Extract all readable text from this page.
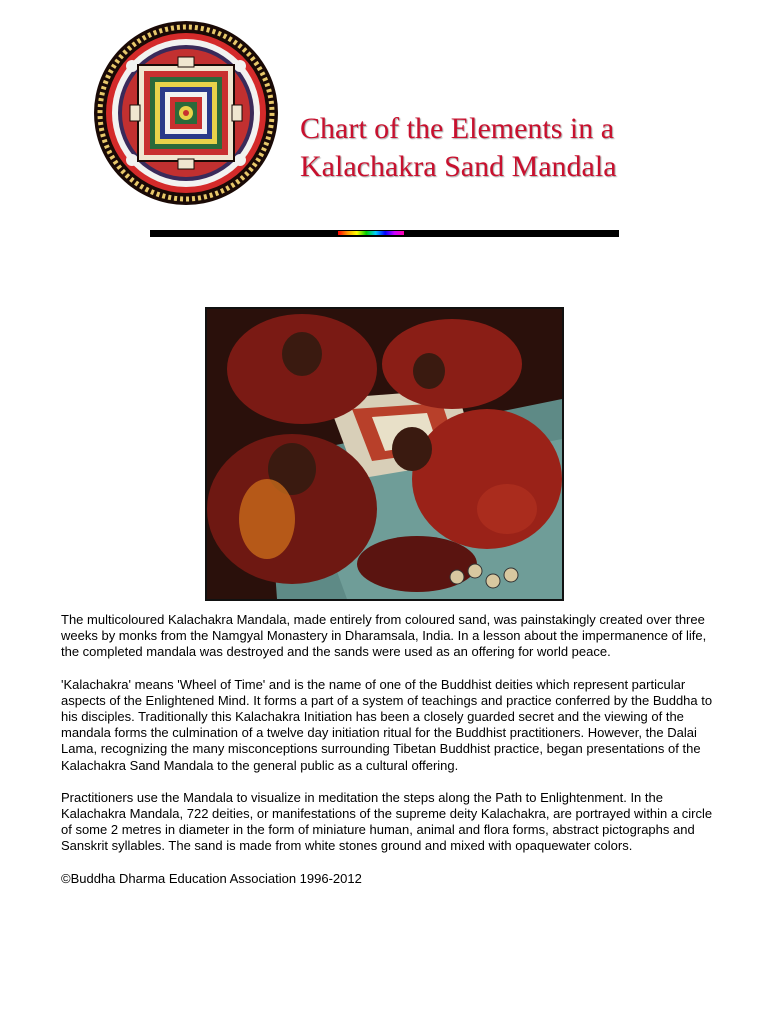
Chart of the Elements in a
Kalachakra Sand Mandala

The multicoloured Kalachakra Mandala, made entirely from coloured sand, was painstakingly created over three weeks by monks from the Namgyal Monastery in Dharamsala, India. In a lesson about the impermanence of life, the completed mandala was destroyed and the sands were used as an offering for world peace.

'Kalachakra' means 'Wheel of Time' and is the name of one of the Buddhist deities which represent particular aspects of the Enlightened Mind. It forms a part of a system of teachings and practice conferred by the Buddha to his disciples. Traditionally this Kalachakra Initiation has been a closely guarded secret and the viewing of the mandala forms the culmination of a twelve day initiation ritual for the Buddhist practitioners. However, the Dalai Lama, recognizing the many misconceptions surrounding Tibetan Buddhist practice, began presentations of the Kalachakra Sand Mandala to the general public as a cultural offering.

Practitioners use the Mandala to visualize in meditation the steps along the Path to Enlightenment. In the Kalachakra Mandala, 722 deities, or manifestations of the supreme deity Kalachakra, are portrayed within a circle of some 2 metres in diameter in the form of miniature human, animal and flora forms, abstract pictographs and Sanskrit syllables. The sand is made from white stones ground and mixed with opaquewater colors.

©Buddha Dharma Education Association 1996-2012
